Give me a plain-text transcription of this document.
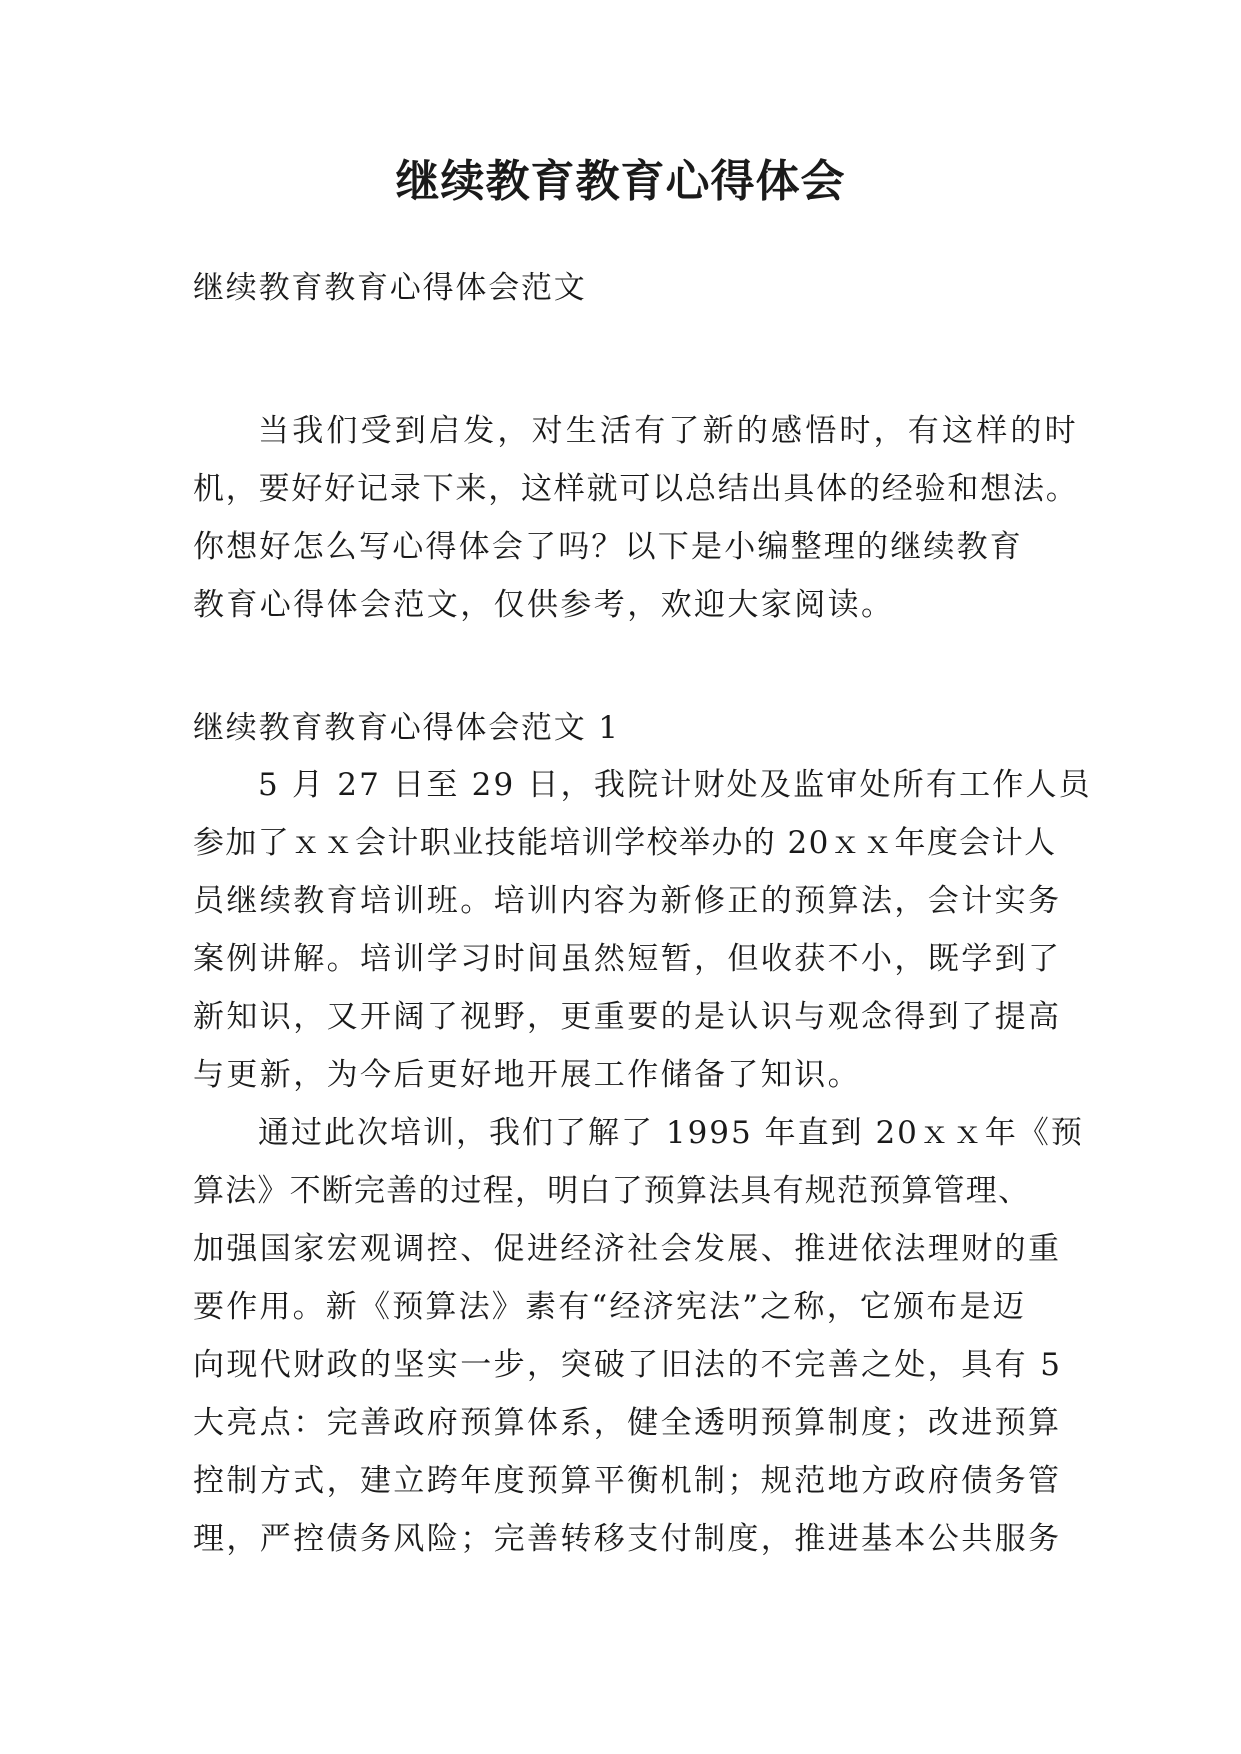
继续教育教育心得体会

继续教育教育心得体会范文

当我们受到启发，对生活有了新的感悟时，有这样的时

机，要好好记录下来，这样就可以总结出具体的经验和想法。

你想好怎么写心得体会了吗？以下是小编整理的继续教育

教育心得体会范文，仅供参考，欢迎大家阅读。

继续教育教育心得体会范文 1

5 月 27 日至 29 日，我院计财处及监审处所有工作人员

参加了ｘｘ会计职业技能培训学校举办的 20ｘｘ年度会计人

员继续教育培训班。培训内容为新修正的预算法，会计实务

案例讲解。培训学习时间虽然短暂，但收获不小，既学到了

新知识，又开阔了视野，更重要的是认识与观念得到了提高

与更新，为今后更好地开展工作储备了知识。

通过此次培训，我们了解了 1995 年直到 20ｘｘ年《预

算法》不断完善的过程，明白了预算法具有规范预算管理、

加强国家宏观调控、促进经济社会发展、推进依法理财的重

要作用。新《预算法》素有“经济宪法”之称，它颁布是迈

向现代财政的坚实一步，突破了旧法的不完善之处，具有 5

大亮点：完善政府预算体系，健全透明预算制度；改进预算

控制方式，建立跨年度预算平衡机制；规范地方政府债务管

理，严控债务风险；完善转移支付制度，推进基本公共服务
